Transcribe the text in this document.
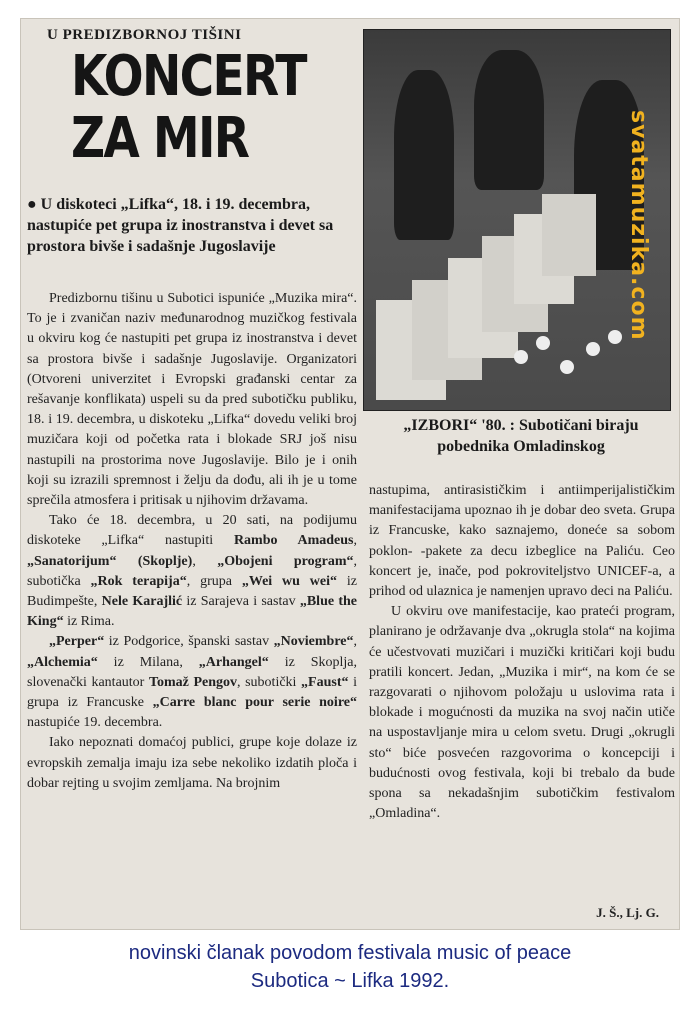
U PREDIZBORNOJ TIŠINI
KONCERT
ZA MIR
● U diskoteci „Lifka“, 18. i 19. decembra, nastupiće pet grupa iz inostranstva i devet sa prostora bivše i sadašnje Jugoslavije

Predizbornu tišinu u Subotici ispuniće „Muzika mira“. To je i zvaničan naziv međunarodnog muzičkog festivala u okviru kog će nastupiti pet grupa iz inostranstva i devet sa prostora bivše i sadašnje Jugoslavije. Organizatori (Otvoreni univerzitet i Evropski građanski centar za rešavanje konflikata) uspeli su da pred subotičku publiku, 18. i 19. decembra, u diskoteku „Lifka“ dovedu veliki broj muzičara koji od početka rata i blokade SRJ još nisu nastupili na prostorima nove Jugoslavije. Bilo je i onih koji su izrazili spremnost i želju da dođu, ali ih je u tome sprečila atmosfera i pritisak u njihovim državama.

Tako će 18. decembra, u 20 sati, na podijumu diskoteke „Lifka“ nastupiti Rambo Amadeus, „Sanatorijum“ (Skoplje), „Obojeni program“, subotička „Rok terapija“, grupa „Wei wu wei“ iz Budimpešte, Nele Karajlić iz Sarajeva i sastav „Blue the King“ iz Rima.

„Perper“ iz Podgorice, španski sastav „Noviembre“, „Alchemia“ iz Milana, „Arhangel“ iz Skoplja, slovenački kantautor Tomaž Pengov, subotički „Faust“ i grupa iz Francuske „Carre blanc pour serie noire“ nastupiće 19. decembra.

Iako nepoznati domaćoj publici, grupe koje dolaze iz evropskih zemalja imaju iza sebe nekoliko izdatih ploča i dobar rejting u svojim zemljama. Na brojnim

svatamuzika.com
„IZBORI“ '80. : Subotičani biraju pobednika Omladinskog

nastupima, antirasističkim i antiimperijalističkim manifestacijama upoznao ih je dobar deo sveta. Grupa iz Francuske, kako saznajemo, doneće sa sobom poklon- -pakete za decu izbeglice na Paliću. Ceo koncert je, inače, pod pokroviteljstvo UNICEF-a, a prihod od ulaznica je namenjen upravo deci na Paliću.

U okviru ove manifestacije, kao prateći program, planirano je održavanje dva „okrugla stola“ na kojima će učestvovati muzičari i muzički kritičari koji budu pratili koncert. Jedan, „Muzika i mir“, na kom će se razgovarati o njihovom položaju u uslovima rata i blokade i mogućnosti da muzika na svoj način utiče na uspostavljanje mira u celom svetu. Drugi „okrugli sto“ biće posvećen razgovorima o koncepciji i budućnosti ovog festivala, koji bi trebalo da bude spona sa nekadašnjim subotičkim festivalom „Omladina“.

J. Š., Lj. G.
novinski članak povodom festivala music of peace
Subotica ~ Lifka 1992.
